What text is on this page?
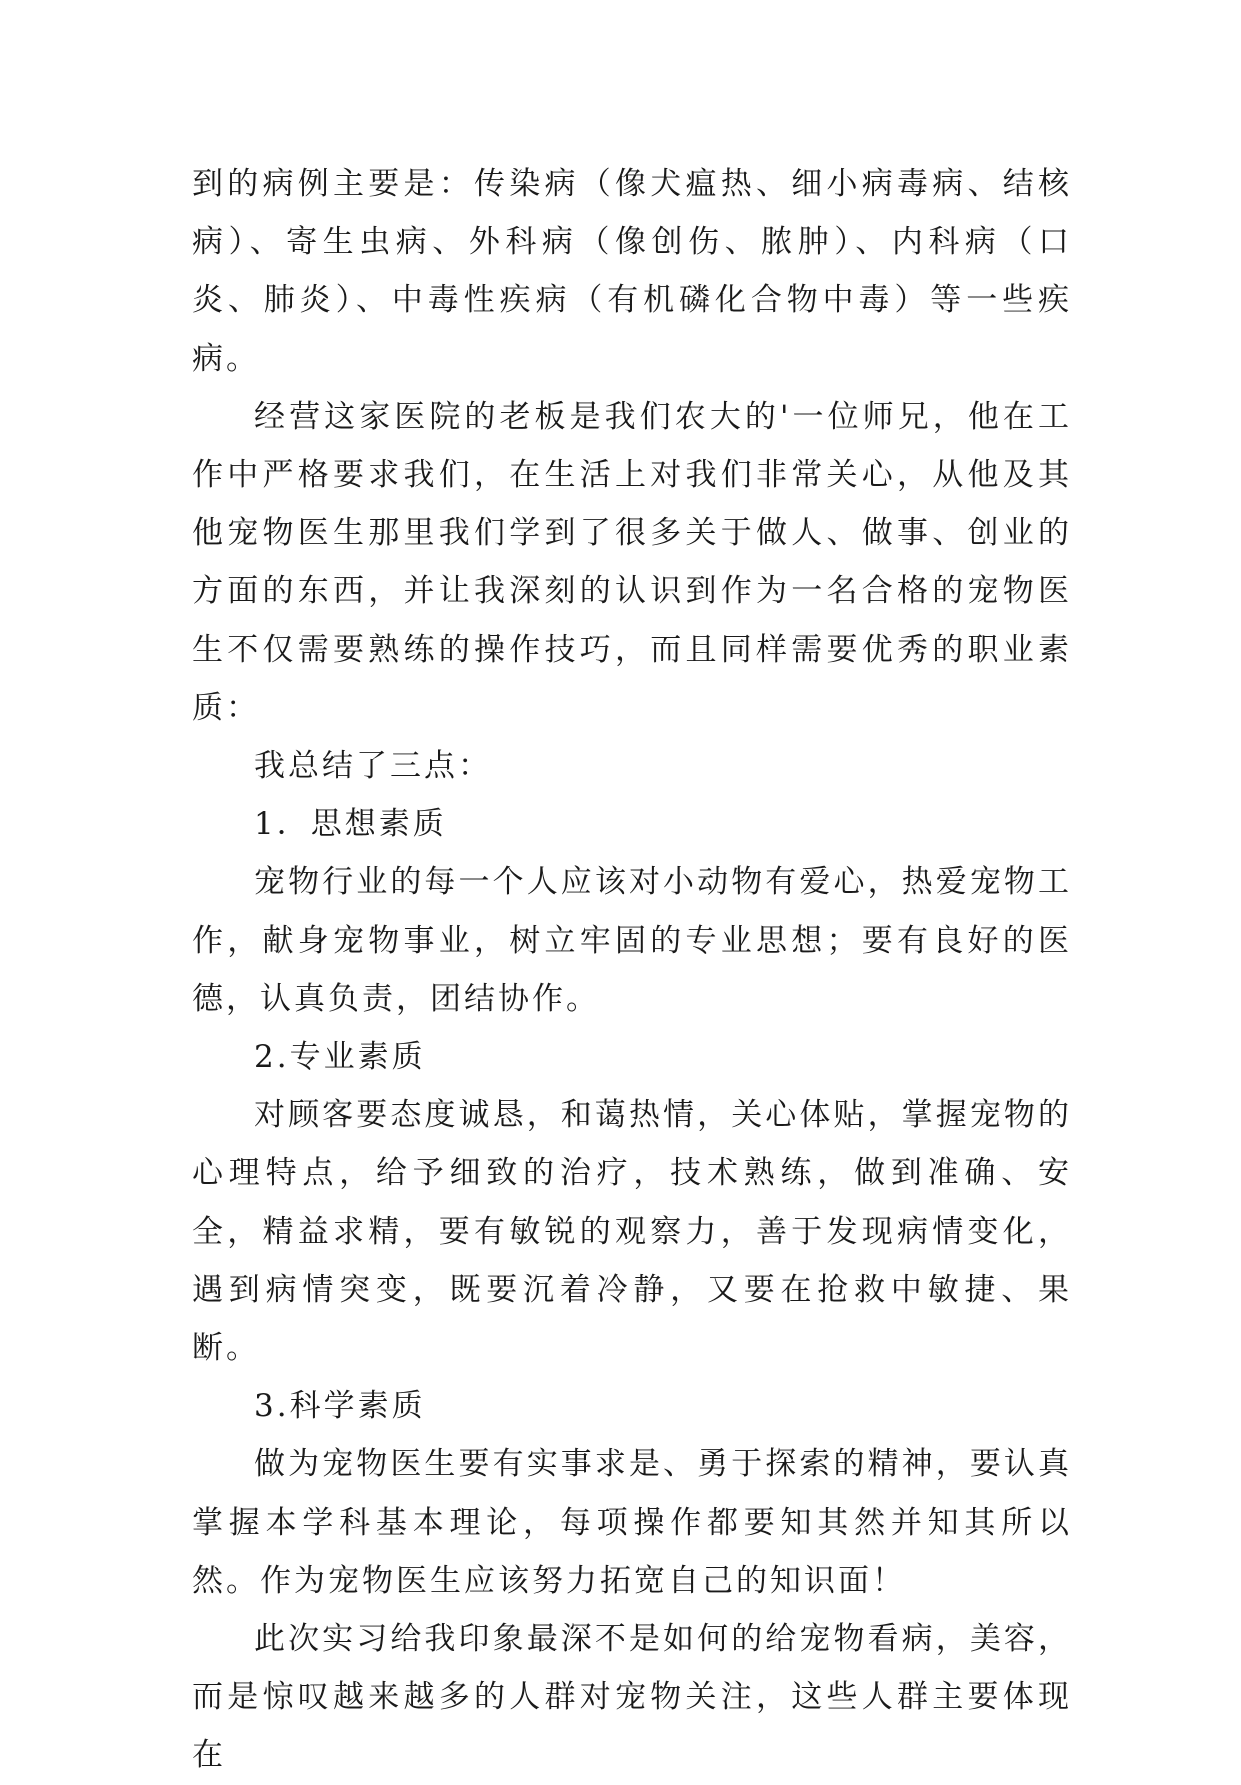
到的病例主要是：传染病（像犬瘟热、细小病毒病、结核病）、寄生虫病、外科病（像创伤、脓肿）、内科病（口炎、肺炎）、中毒性疾病（有机磷化合物中毒）等一些疾病。

经营这家医院的老板是我们农大的'一位师兄，他在工作中严格要求我们，在生活上对我们非常关心，从他及其他宠物医生那里我们学到了很多关于做人、做事、创业的方面的东西，并让我深刻的认识到作为一名合格的宠物医生不仅需要熟练的操作技巧，而且同样需要优秀的职业素质：

我总结了三点：

1．思想素质

宠物行业的每一个人应该对小动物有爱心，热爱宠物工作，献身宠物事业，树立牢固的专业思想；要有良好的医德，认真负责，团结协作。

2.专业素质

对顾客要态度诚恳，和蔼热情，关心体贴，掌握宠物的心理特点，给予细致的治疗，技术熟练，做到准确、安全，精益求精，要有敏锐的观察力，善于发现病情变化，遇到病情突变，既要沉着冷静，又要在抢救中敏捷、果断。

3.科学素质

做为宠物医生要有实事求是、勇于探索的精神，要认真掌握本学科基本理论，每项操作都要知其然并知其所以然。作为宠物医生应该努力拓宽自己的知识面！

此次实习给我印象最深不是如何的给宠物看病，美容，而是惊叹越来越多的人群对宠物关注，这些人群主要体现在
